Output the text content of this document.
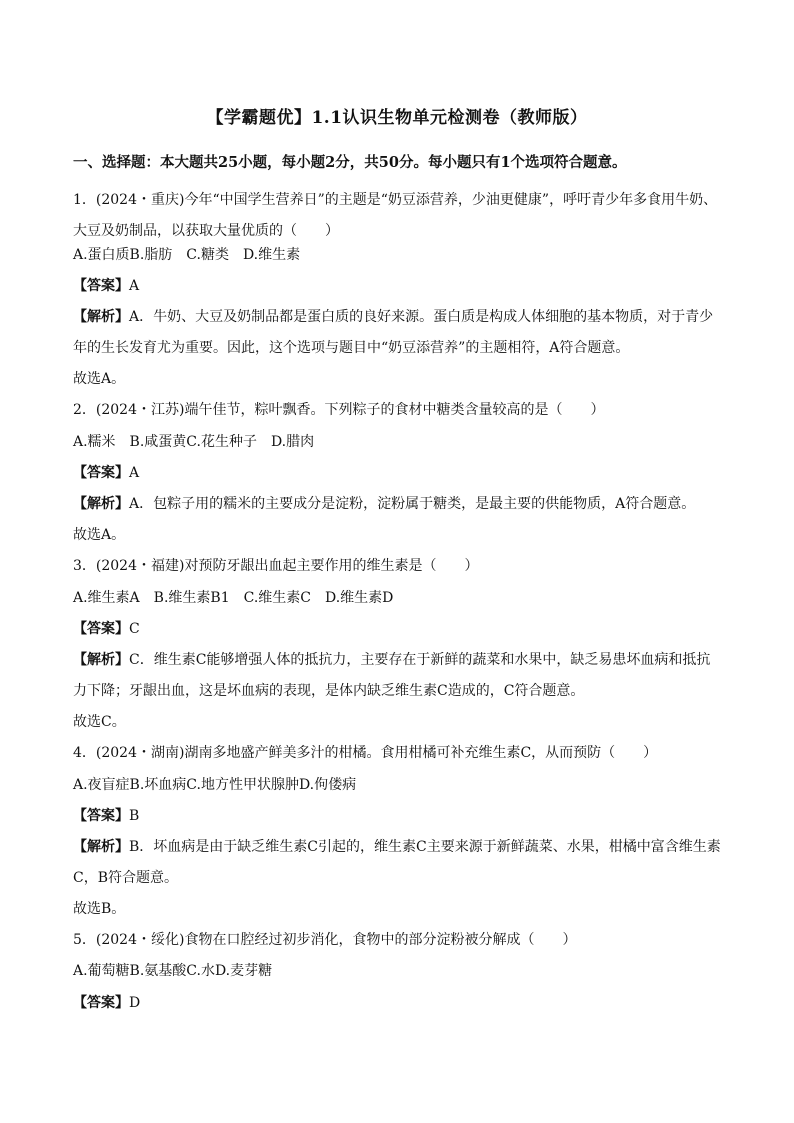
【学霸题优】1.1认识生物单元检测卷（教师版）
一、选择题：本大题共25小题，每小题2分，共50分。每小题只有1个选项符合题意。
1．(2024・重庆)今年“中国学生营养日”的主题是“奶豆添营养，少油更健康”，呼吁青少年多食用牛奶、大豆及奶制品，以获取大量优质的（　　）
A.蛋白质B.脂肪　C.糖类　D.维生素
【答案】A
【解析】A．牛奶、大豆及奶制品都是蛋白质的良好来源。蛋白质是构成人体细胞的基本物质，对于青少年的生长发育尤为重要。因此，这个选项与题目中“奶豆添营养”的主题相符，A符合题意。
故选A。
2．(2024・江苏)端午佳节，粽叶飘香。下列粽子的食材中糖类含量较高的是（　　）
A.糯米　B.咸蛋黄C.花生种子　D.腊肉
【答案】A
【解析】A．包粽子用的糯米的主要成分是淀粉，淀粉属于糖类，是最主要的供能物质，A符合题意。
故选A。
3．(2024・福建)对预防牙龈出血起主要作用的维生素是（　　）
A.维生素A　B.维生素B1　C.维生素C　D.维生素D
【答案】C
【解析】C．维生素C能够增强人体的抵抗力，主要存在于新鲜的蔬菜和水果中，缺乏易患坏血病和抵抗力下降；牙龈出血，这是坏血病的表现，是体内缺乏维生素C造成的，C符合题意。
故选C。
4．(2024・湖南)湖南多地盛产鲜美多汁的柑橘。食用柑橘可补充维生素C，从而预防（　　）
A.夜盲症B.坏血病C.地方性甲状腺肿D.佝偻病
【答案】B
【解析】B．坏血病是由于缺乏维生素C引起的，维生素C主要来源于新鲜蔬菜、水果，柑橘中富含维生素C，B符合题意。
故选B。
5．(2024・绥化)食物在口腔经过初步消化，食物中的部分淀粉被分解成（　　）
A.葡萄糖B.氨基酸C.水D.麦芽糖
【答案】D
